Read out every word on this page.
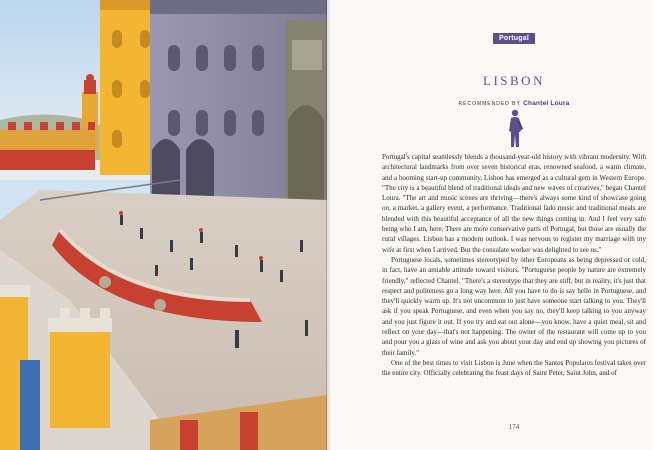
Portugal
LISBON
RECOMMENDED BY Chantel Loura

Portugal's capital seamlessly blends a thousand-year-old history with vibrant modernity. With architectural landmarks from over seven historical eras, renowned seafood, a warm climate, and a booming start-up community, Lisbon has emerged as a cultural gem in Western Europe. "The city is a beautiful blend of traditional ideals and new waves of creatives," began Chantel Loura. "The art and music scenes are thriving—there's always some kind of showcase going on, a market, a gallery event, a performance. Traditional fado music and traditional meals are blended with this beautiful acceptance of all the new things coming in. And I feel very safe being who I am, here. There are more conservative parts of Portugal, but those are usually the rural villages. Lisbon has a modern outlook. I was nervous to register my marriage with my wife at first when I arrived. But the consulate worker was delighted to see us."

Portuguese locals, sometimes stereotyped by other Europeans as being depressed or cold, in fact, have an amiable attitude toward visitors. "Portuguese people by nature are extremely friendly," reflected Chantel. "There's a stereotype that they are stiff, but in reality, it's just that respect and politeness go a long way here. All you have to do is say hello in Portuguese, and they'll quickly warm up. It's not uncommon to just have someone start talking to you. They'll ask if you speak Portuguese, and even when you say no, they'll keep talking to you anyway and you just figure it out. If you try and eat out alone—you know, have a quiet meal, sit and reflect on your day—that's not happening. The owner of the restaurant will come up to you and pour you a glass of wine and ask you about your day and end up showing you pictures of their family."

One of the best times to visit Lisbon is June when the Santos Populares festival takes over the entire city. Officially celebrating the feast days of Saint Peter, Saint John, and of

174
